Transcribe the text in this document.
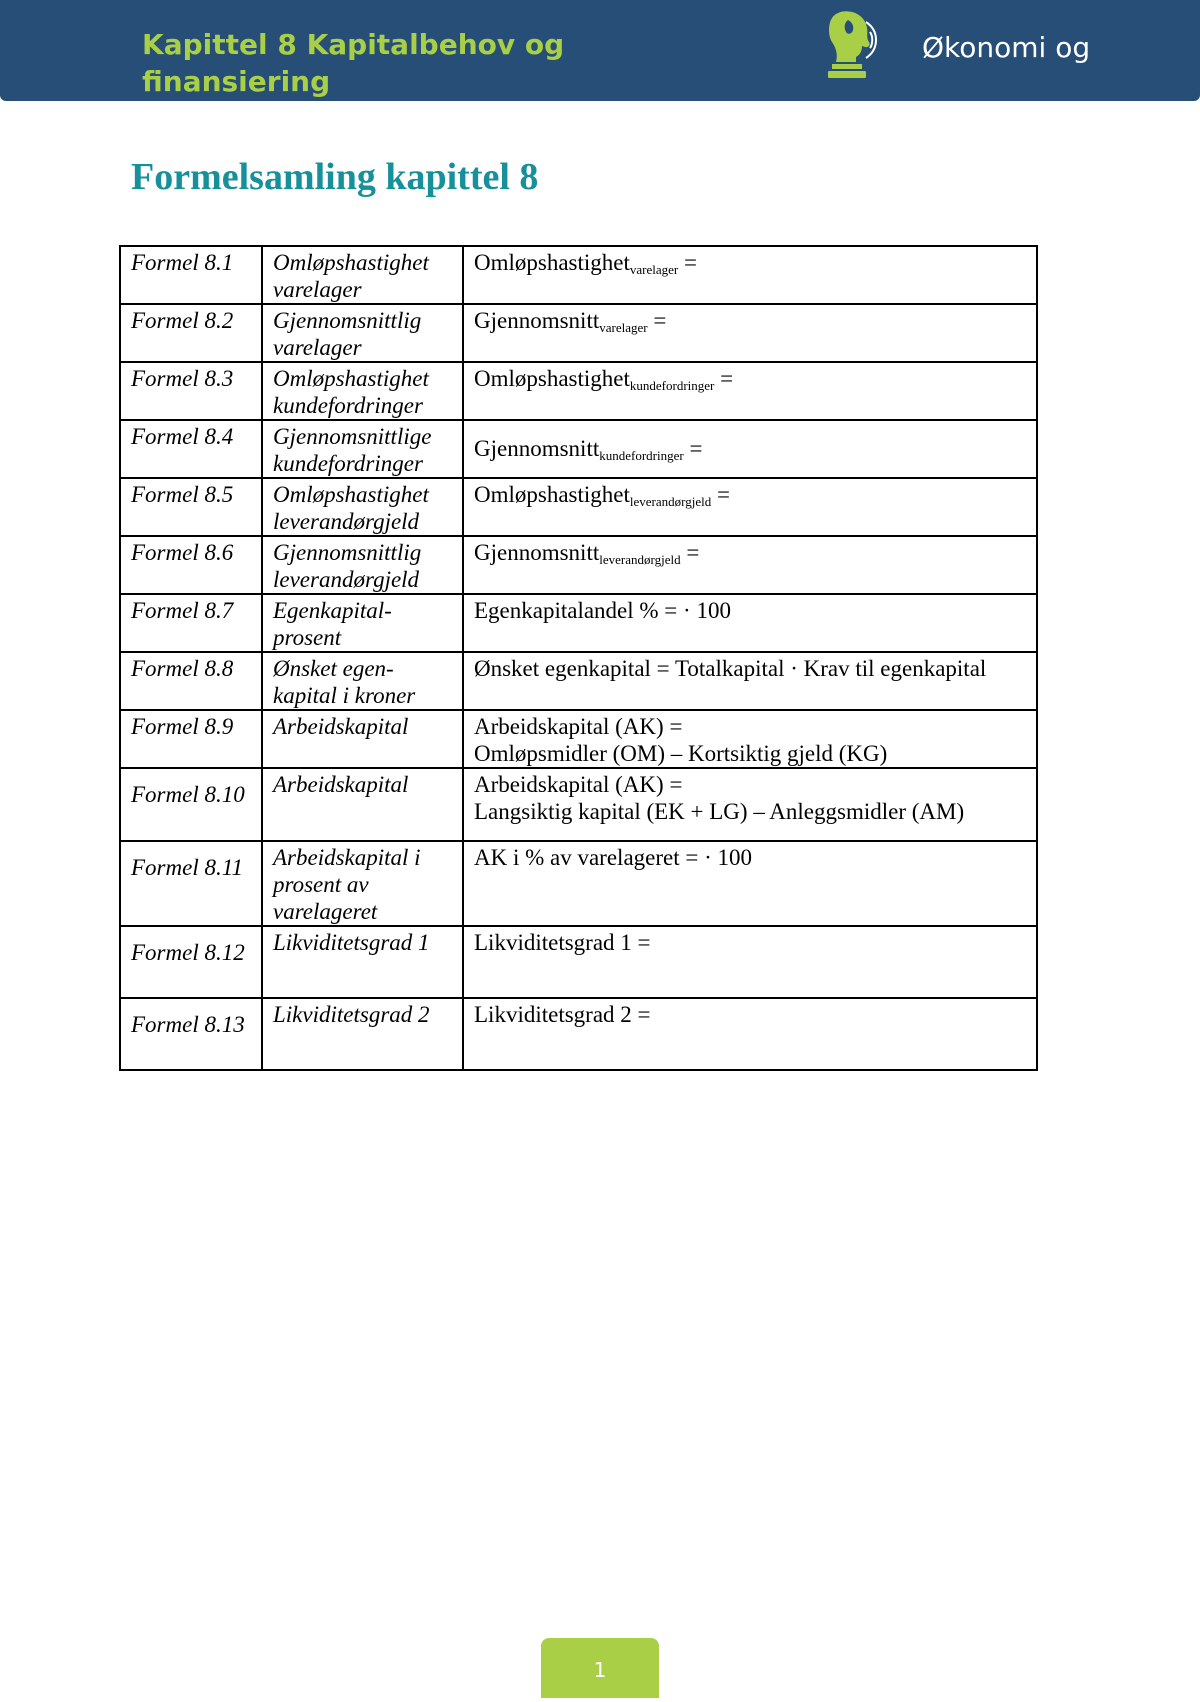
Kapittel 8 Kapitalbehov og finansiering
Økonomi og
Formelsamling kapittel 8
Formel 8.1	Omløpshastighet varelager	Omløpshastighet$_{varelager}$ =
Formel 8.2	Gjennomsnittlig varelager	Gjennomsnitt$_{varelager}$ =
Formel 8.3	Omløpshastighet kundefordringer	Omløpshastighet$_{kundefordringer}$ =
Formel 8.4	Gjennomsnittlige kundefordringer	Gjennomsnitt$_{kundefordringer}$ =
Formel 8.5	Omløpshastighet leverandørgjeld	Omløpshastighet$_{leverandørgjeld}$ =
Formel 8.6	Gjennomsnittlig leverandørgjeld	Gjennomsnitt$_{leverandørgjeld}$ =
Formel 8.7	Egenkapital-prosent	Egenkapitalandel % = · 100
Formel 8.8	Ønsket egen-kapital i kroner	Ønsket egenkapital = Totalkapital · Krav til egenkapital
Formel 8.9	Arbeidskapital	Arbeidskapital (AK) =
Omløpsmidler (OM) – Kortsiktig gjeld (KG)

Formel 8.10	Arbeidskapital	Arbeidskapital (AK) =
Langsiktig kapital (EK + LG) – Anleggsmidler (AM)

Formel 8.11	Arbeidskapital i prosent av varelageret	AK i % av varelageret = · 100
Formel 8.12	Likviditetsgrad 1	Likviditetsgrad 1 =
Formel 8.13	Likviditetsgrad 2	Likviditetsgrad 2 =
1
